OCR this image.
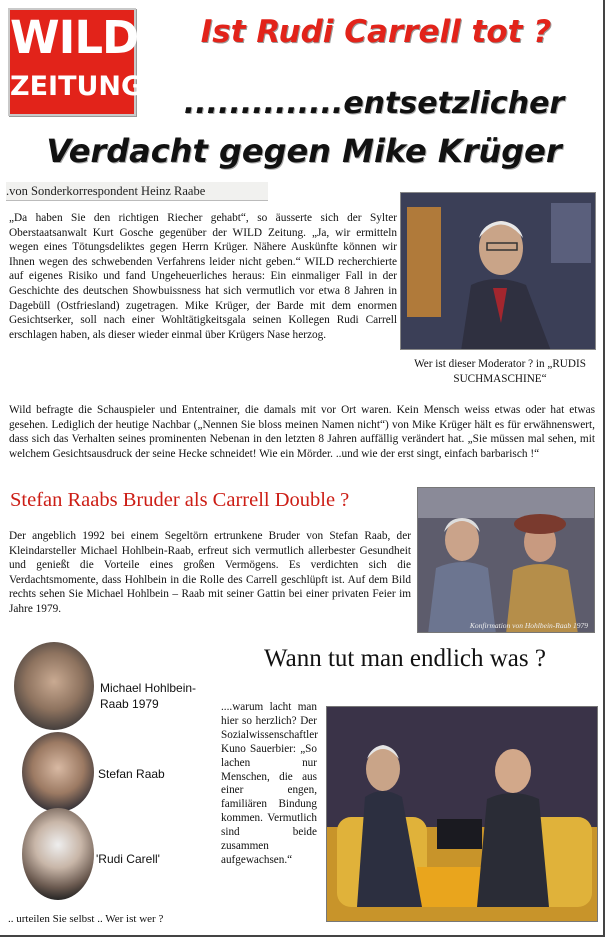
WILD
ZEITUNG
Ist Rudi Carrell tot ?
..............entsetzlicher
Verdacht gegen Mike Krüger
.von Sonderkorrespondent Heinz Raabe
„Da haben Sie den richtigen Riecher gehabt“, so äusserte sich der Sylter Oberstaatsanwalt Kurt Gosche gegenüber der WILD Zeitung. „Ja, wir ermitteln wegen eines Tötungsdeliktes gegen Herrn Krüger. Nähere Auskünfte können wir Ihnen wegen des schwebenden Verfahrens leider nicht geben.“ WILD recherchierte auf eigenes Risiko und fand Ungeheuerliches heraus: Ein einmaliger Fall in der Geschichte des deutschen Showbuissness hat sich vermutlich vor etwa 8 Jahren in Dagebüll (Ostfriesland) zugetragen. Mike Krüger, der Barde mit dem enormen Gesichtserker, soll nach einer Wohltätigkeitsgala seinen Kollegen Rudi Carrell erschlagen haben, als dieser wieder einmal über Krügers Nase herzog.
Wer ist dieser Moderator ? in „RUDIS SUCHMASCHINE“
Wild befragte die Schauspieler und Ententrainer, die damals mit vor Ort waren. Kein Mensch weiss etwas oder hat etwas gesehen. Lediglich der heutige Nachbar („Nennen Sie bloss meinen Namen nicht“) von Mike Krüger hält es für erwähnenswert, dass sich das Verhalten seines prominenten Nebenan in den letzten 8 Jahren auffällig verändert hat. „Sie müssen mal sehen, mit welchem Gesichtsausdruck der seine Hecke schneidet! Wie ein Mörder. ..und wie der erst singt, einfach barbarisch !“
Stefan Raabs Bruder als Carrell Double ?
Der angeblich 1992 bei einem Segeltörn ertrunkene Bruder von Stefan Raab, der Kleindarsteller Michael Hohlbein-Raab, erfreut sich vermutlich allerbester Gesundheit und genießt die Vorteile eines großen Vermögens. Es verdichten sich die Verdachtsmomente, dass Hohlbein in die Rolle des Carrell geschlüpft ist. Auf dem Bild rechts sehen Sie Michael Hohlbein – Raab mit seiner Gattin bei einer privaten Feier im Jahre 1979.
Konfirmation von Hohlbein-Raab 1979
Wann tut man endlich was ?
Michael Hohlbein-Raab 1979
Stefan Raab
'Rudi Carell'
.. urteilen Sie selbst .. Wer ist wer ?
....warum lacht man hier so herzlich? Der Sozialwissenschaftler Kuno Sauerbier: „So lachen nur Menschen, die aus einer engen, familiären Bindung kommen. Vermutlich sind beide zusammen aufgewachsen.“
